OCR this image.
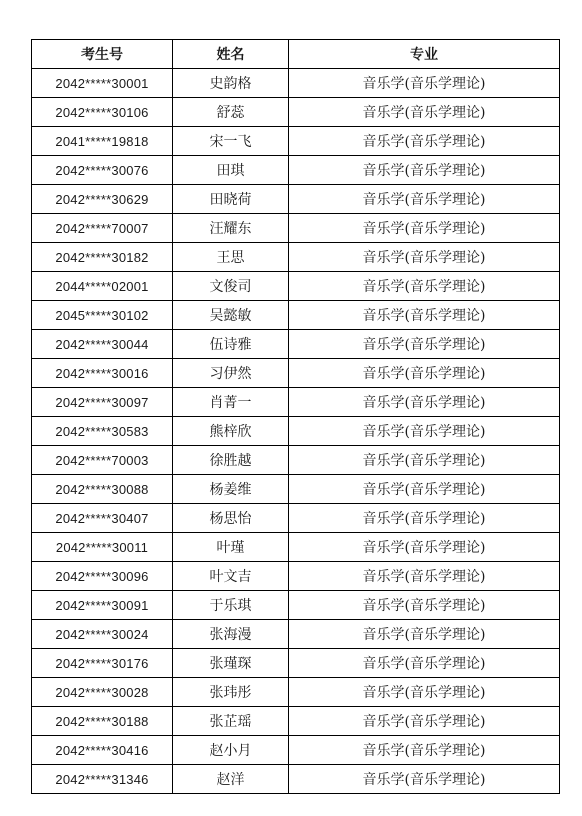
考生号	姓名	专业
2042*****30001	史韵格	音乐学(音乐学理论)
2042*****30106	舒蕊	音乐学(音乐学理论)
2041*****19818	宋一飞	音乐学(音乐学理论)
2042*****30076	田琪	音乐学(音乐学理论)
2042*****30629	田晓荷	音乐学(音乐学理论)
2042*****70007	汪耀东	音乐学(音乐学理论)
2042*****30182	王思	音乐学(音乐学理论)
2044*****02001	文俊司	音乐学(音乐学理论)
2045*****30102	吴懿敏	音乐学(音乐学理论)
2042*****30044	伍诗雅	音乐学(音乐学理论)
2042*****30016	习伊然	音乐学(音乐学理论)
2042*****30097	肖菁一	音乐学(音乐学理论)
2042*****30583	熊梓欣	音乐学(音乐学理论)
2042*****70003	徐胜越	音乐学(音乐学理论)
2042*****30088	杨姜维	音乐学(音乐学理论)
2042*****30407	杨思怡	音乐学(音乐学理论)
2042*****30011	叶瑾	音乐学(音乐学理论)
2042*****30096	叶文吉	音乐学(音乐学理论)
2042*****30091	于乐琪	音乐学(音乐学理论)
2042*****30024	张海漫	音乐学(音乐学理论)
2042*****30176	张瑾琛	音乐学(音乐学理论)
2042*****30028	张玮彤	音乐学(音乐学理论)
2042*****30188	张芷瑶	音乐学(音乐学理论)
2042*****30416	赵小月	音乐学(音乐学理论)
2042*****31346	赵洋	音乐学(音乐学理论)
